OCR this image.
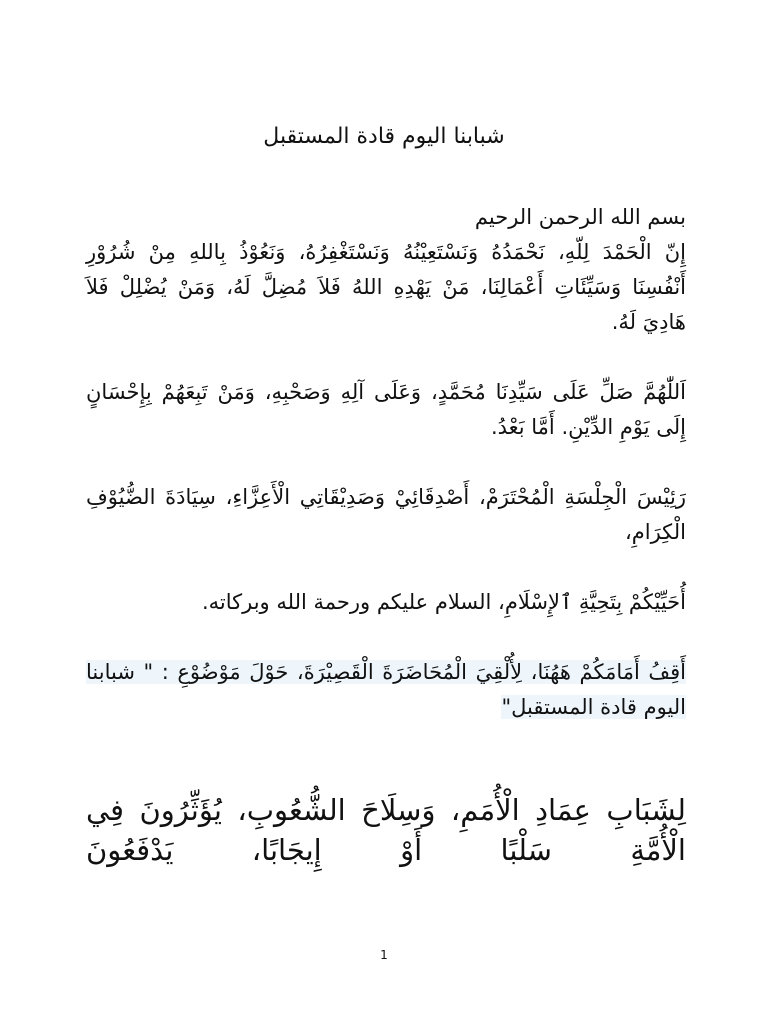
شبابنا اليوم قادة المستقبل

بسم الله الرحمن الرحيم

إِنّ الْحَمْدَ لِلّهِ، نَحْمَدُهُ وَنَسْتَعِيْنُهُ وَنَسْتَغْفِرُهُ، وَنَعُوْذُ بِاللهِ مِنْ شُرُوْرِ أَنْفُسِنَا وَسَيِّئَاتِ أَعْمَالِنَا، مَنْ يَهْدِهِ اللهُ فَلاَ مُضِلَّ لَهُ، وَمَنْ يُضْلِلْ فَلاَ هَادِيَ لَهُ.

اَللّٰهُمَّ صَلِّ عَلَى سَيِّدِنَا مُحَمَّدٍ، وَعَلَى آلِهِ وَصَحْبِهِ، وَمَنْ تَبِعَهُمْ بِإِحْسَانٍ إِلَى يَوْمِ الدِّيْنِ. أَمَّا بَعْدُ.

رَئِيْسَ الْجِلْسَةِ الْمُحْتَرَمْ، أَصْدِقَائِيْ وَصَدِيْقَاتِي الْأَعِزَّاءِ، سِيَادَةَ الضُّيُوْفِ الْكِرَامِ،

أُحَيِّيْكُمْ بِتَحِيَّةِ ٱلإِسْلَامِ، السلام عليكم ورحمة الله وبركاته.

أَقِفُ أَمَامَكُمْ هَهُنَا، لِأُلْقِيَ الْمُحَاضَرَةَ الْقَصِيْرَةَ، حَوْلَ مَوْضُوْعِ : " شبابنا اليوم قادة المستقبل"

لِشَبَابِ عِمَادِ الْأُمَمِ، وَسِلَاحَ الشُّعُوبِ، يُؤَثِّرُونَ فِي الْأُمَّةِ سَلْبًا أَوْ إِيجَابًا، يَدْفَعُونَ

1
